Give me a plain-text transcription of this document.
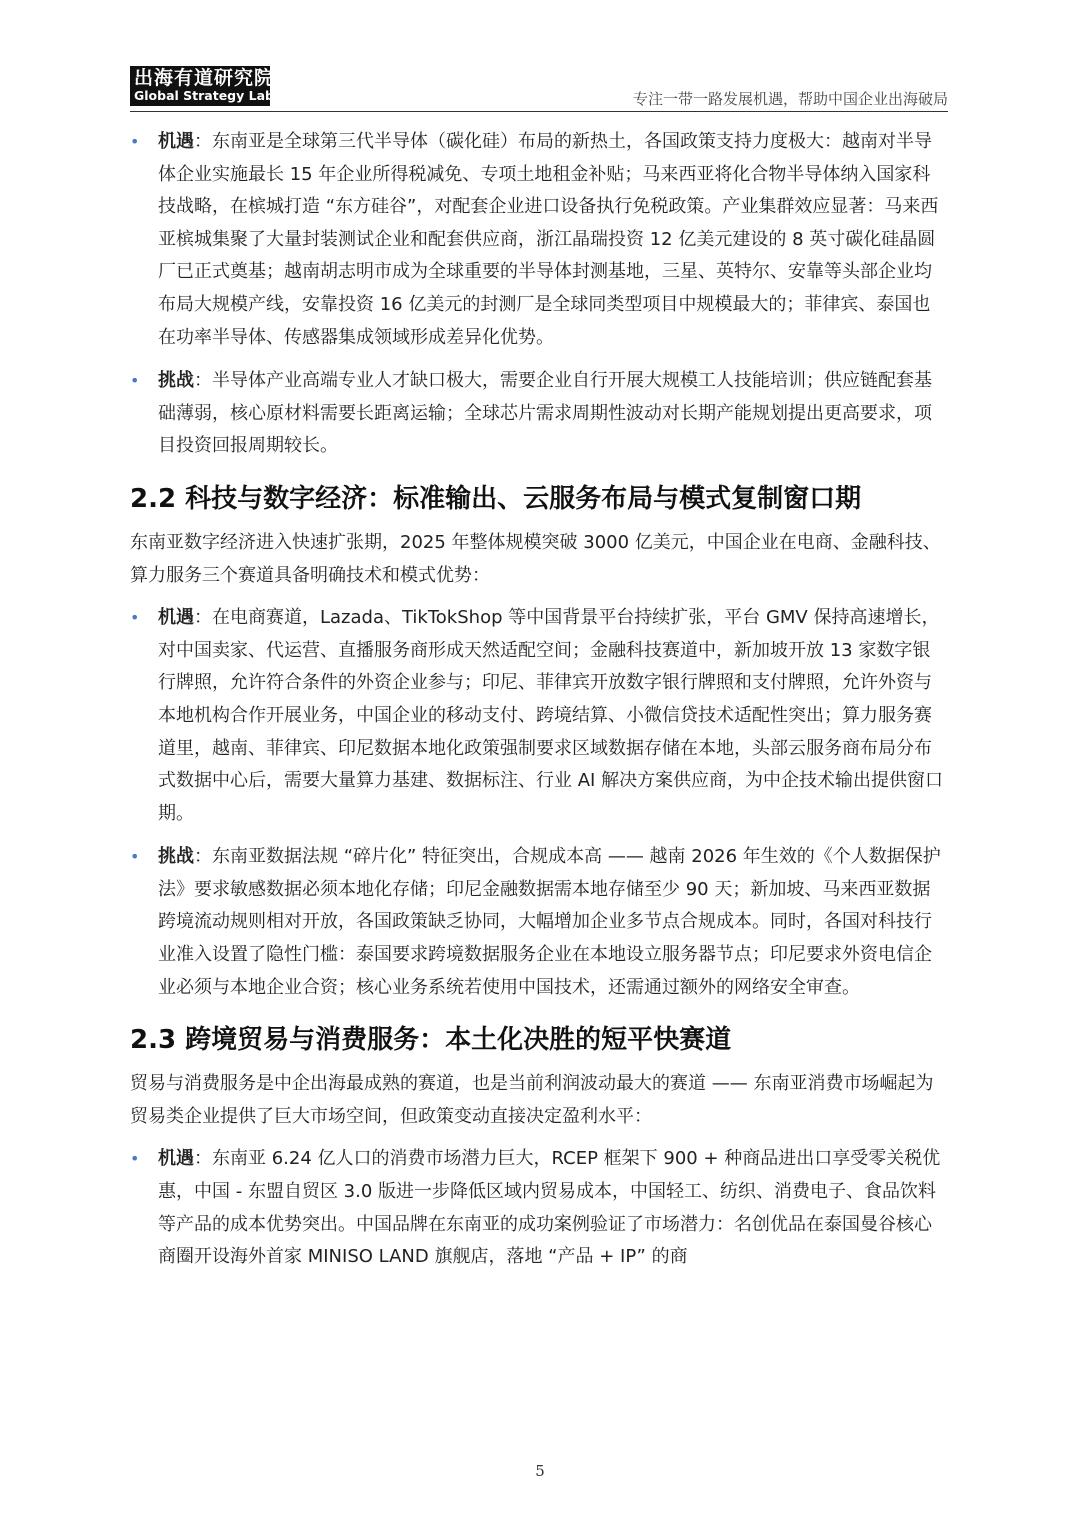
出海有道研究院
Global Strategy Lab	专注一带一路发展机遇，帮助中国企业出海破局
• 机遇：东南亚是全球第三代半导体（碳化硅）布局的新热土，各国政策支持力度极大：越南对半导体企业实施最长 15 年企业所得税减免、专项土地租金补贴；马来西亚将化合物半导体纳入国家科技战略，在槟城打造 “东方硅谷”，对配套企业进口设备执行免税政策。产业集群效应显著：马来西亚槟城集聚了大量封装测试企业和配套供应商，浙江晶瑞投资 12 亿美元建设的 8 英寸碳化硅晶圆厂已正式奠基；越南胡志明市成为全球重要的半导体封测基地，三星、英特尔、安靠等头部企业均布局大规模产线，安靠投资 16 亿美元的封测厂是全球同类型项目中规模最大的；菲律宾、泰国也在功率半导体、传感器集成领域形成差异化优势。
• 挑战：半导体产业高端专业人才缺口极大，需要企业自行开展大规模工人技能培训；供应链配套基础薄弱，核心原材料需要长距离运输；全球芯片需求周期性波动对长期产能规划提出更高要求，项目投资回报周期较长。
2.2 科技与数字经济：标准输出、云服务布局与模式复制窗口期
东南亚数字经济进入快速扩张期，2025 年整体规模突破 3000 亿美元，中国企业在电商、金融科技、算力服务三个赛道具备明确技术和模式优势：
• 机遇：在电商赛道，Lazada、TikTokShop 等中国背景平台持续扩张，平台 GMV 保持高速增长，对中国卖家、代运营、直播服务商形成天然适配空间；金融科技赛道中，新加坡开放 13 家数字银行牌照，允许符合条件的外资企业参与；印尼、菲律宾开放数字银行牌照和支付牌照，允许外资与本地机构合作开展业务，中国企业的移动支付、跨境结算、小微信贷技术适配性突出；算力服务赛道里，越南、菲律宾、印尼数据本地化政策强制要求区域数据存储在本地，头部云服务商布局分布式数据中心后，需要大量算力基建、数据标注、行业 AI 解决方案供应商，为中企技术输出提供窗口期。
• 挑战：东南亚数据法规 “碎片化” 特征突出，合规成本高 —— 越南 2026 年生效的《个人数据保护法》要求敏感数据必须本地化存储；印尼金融数据需本地存储至少 90 天；新加坡、马来西亚数据跨境流动规则相对开放，各国政策缺乏协同，大幅增加企业多节点合规成本。同时，各国对科技行业准入设置了隐性门槛：泰国要求跨境数据服务企业在本地设立服务器节点；印尼要求外资电信企业必须与本地企业合资；核心业务系统若使用中国技术，还需通过额外的网络安全审查。
2.3 跨境贸易与消费服务：本土化决胜的短平快赛道
贸易与消费服务是中企出海最成熟的赛道，也是当前利润波动最大的赛道 —— 东南亚消费市场崛起为贸易类企业提供了巨大市场空间，但政策变动直接决定盈利水平：
• 机遇：东南亚 6.24 亿人口的消费市场潜力巨大，RCEP 框架下 900 + 种商品进出口享受零关税优惠，中国 - 东盟自贸区 3.0 版进一步降低区域内贸易成本，中国轻工、纺织、消费电子、食品饮料等产品的成本优势突出。中国品牌在东南亚的成功案例验证了市场潜力：名创优品在泰国曼谷核心商圈开设海外首家 MINISO LAND 旗舰店，落地 “产品 + IP” 的商
5
